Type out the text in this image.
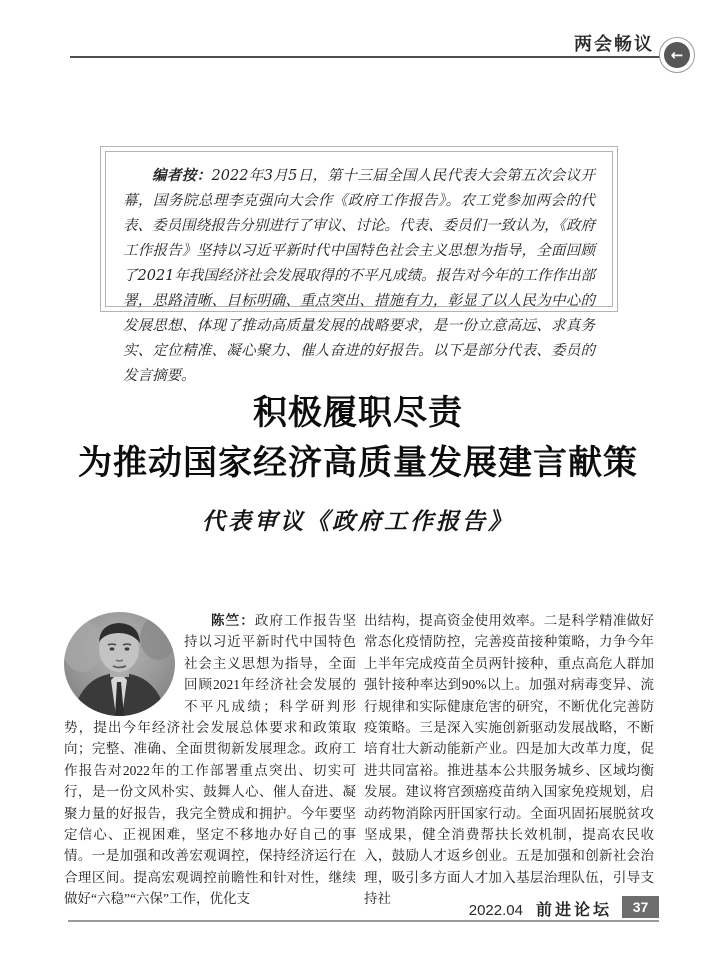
两会畅议
←

编者按：2022年3月5日，第十三届全国人民代表大会第五次会议开幕，国务院总理李克强向大会作《政府工作报告》。农工党参加两会的代表、委员围绕报告分别进行了审议、讨论。代表、委员们一致认为，《政府工作报告》坚持以习近平新时代中国特色社会主义思想为指导，全面回顾了2021年我国经济社会发展取得的不平凡成绩。报告对今年的工作作出部署，思路清晰、目标明确、重点突出、措施有力，彰显了以人民为中心的发展思想、体现了推动高质量发展的战略要求，是一份立意高远、求真务实、定位精准、凝心聚力、催人奋进的好报告。以下是部分代表、委员的发言摘要。

积极履职尽责
为推动国家经济高质量发展建言献策
代表审议《政府工作报告》

陈竺：政府工作报告坚持以习近平新时代中国特色社会主义思想为指导，全面回顾2021年经济社会发展的不平凡成绩；科学研判形势，提出今年经济社会发展总体要求和政策取向；完整、准确、全面贯彻新发展理念。政府工作报告对2022年的工作部署重点突出、切实可行，是一份文风朴实、鼓舞人心、催人奋进、凝聚力量的好报告，我完全赞成和拥护。今年要坚定信心、正视困难，坚定不移地办好自己的事情。一是加强和改善宏观调控，保持经济运行在合理区间。提高宏观调控前瞻性和针对性，继续做好“六稳”“六保”工作，优化支

出结构，提高资金使用效率。二是科学精准做好常态化疫情防控，完善疫苗接种策略，力争今年上半年完成疫苗全员两针接种，重点高危人群加强针接种率达到90%以上。加强对病毒变异、流行规律和实际健康危害的研究，不断优化完善防疫策略。三是深入实施创新驱动发展战略，不断培育壮大新动能新产业。四是加大改革力度，促进共同富裕。推进基本公共服务城乡、区域均衡发展。建议将宫颈癌疫苗纳入国家免疫规划，启动药物消除丙肝国家行动。全面巩固拓展脱贫攻坚成果，健全消费帮扶长效机制，提高农民收入，鼓励人才返乡创业。五是加强和创新社会治理，吸引多方面人才加入基层治理队伍，引导支持社

2022.04 前进论坛	37
